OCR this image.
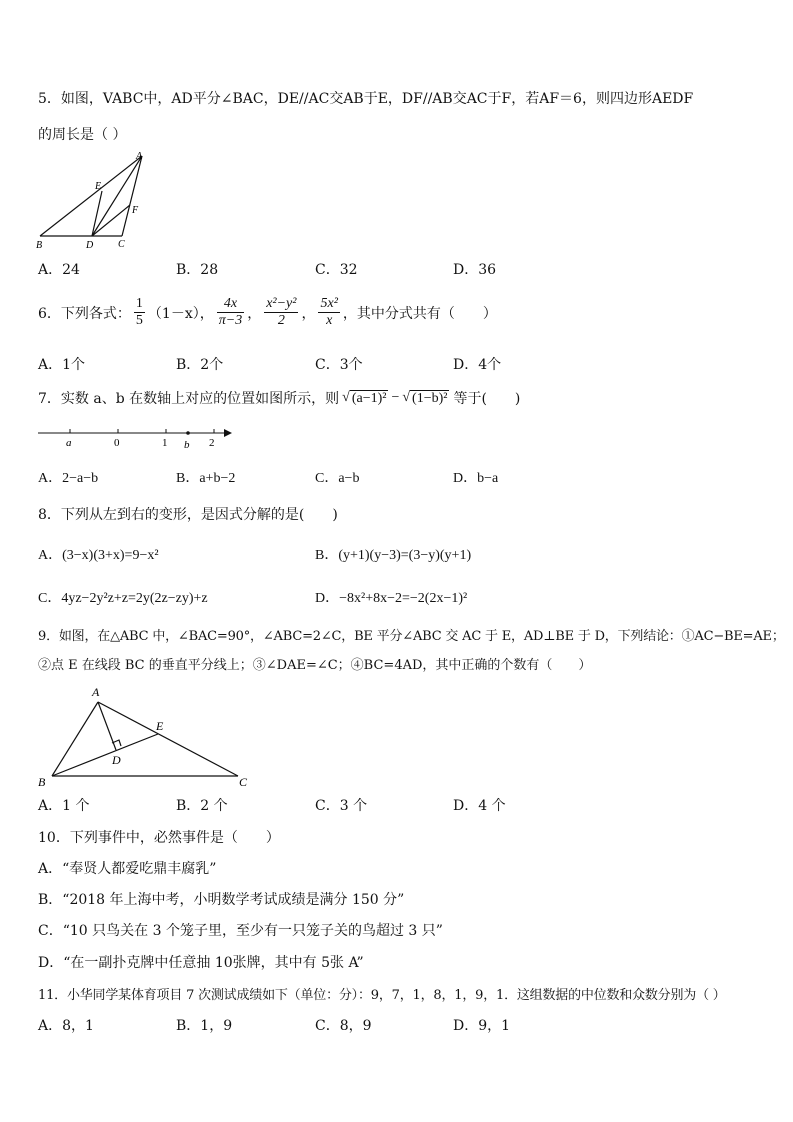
5．如图，VABC中，AD平分∠BAC，DE//AC交AB于E，DF//AB交AC于F，若AF＝6，则四边形AEDF
的周长是（ ）
A
E
F
B	D C
A．24	B．28	C．32	D．36
6．下列各式： $\frac{1}{5} (1-x)$， $\frac{4x}{\pi-3}$ ， $\frac{\text{x²−y²}}{2}$ ， $\frac{\text{5x²}}{x}$ ，其中分式共有（　　）
A．1个	B．2个	C．3个	D．4个
7．实数 a、b 在数轴上对应的位置如图所示，则 √ (a−1)² − √ (1−b)² 等于(　　)
a	0	1 b 2
A．2−a−b	B．a+b−2	C．a−b	D．b−a
8．下列从左到右的变形，是因式分解的是(　　)
A．(3−x)(3+x)=9−x²	B．(y+1)(y−3)=(3−y)(y+1)
C．4yz−2y²z+z=2y(2z−zy)+z	D．−8x²+8x−2=−2(2x−1)²
9．如图，在△ABC 中，∠BAC=90°，∠ABC=2∠C，BE 平分∠ABC 交 AC 于 E，AD⊥BE 于 D，下列结论：①AC−BE=AE；
②点 E 在线段 BC 的垂直平分线上；③∠DAE=∠C；④BC=4AD，其中正确的个数有（　　）
A
E
D
B	C
A．1 个	B．2 个	C．3 个	D．4 个
10．下列事件中，必然事件是（　　）
A．“奉贤人都爱吃鼎丰腐乳”
B．“2018 年上海中考，小明数学考试成绩是满分 150 分”
C．“10 只鸟关在 3 个笼子里，至少有一只笼子关的鸟超过 3 只”
D．“在一副扑克牌中任意抽 10张牌，其中有 5张 A”
11．小华同学某体育项目 7 次测试成绩如下（单位：分）：9，7，1，8，1，9，1．这组数据的中位数和众数分别为（ ）
A．8，1	B．1，9	C．8，9	D．9，1
